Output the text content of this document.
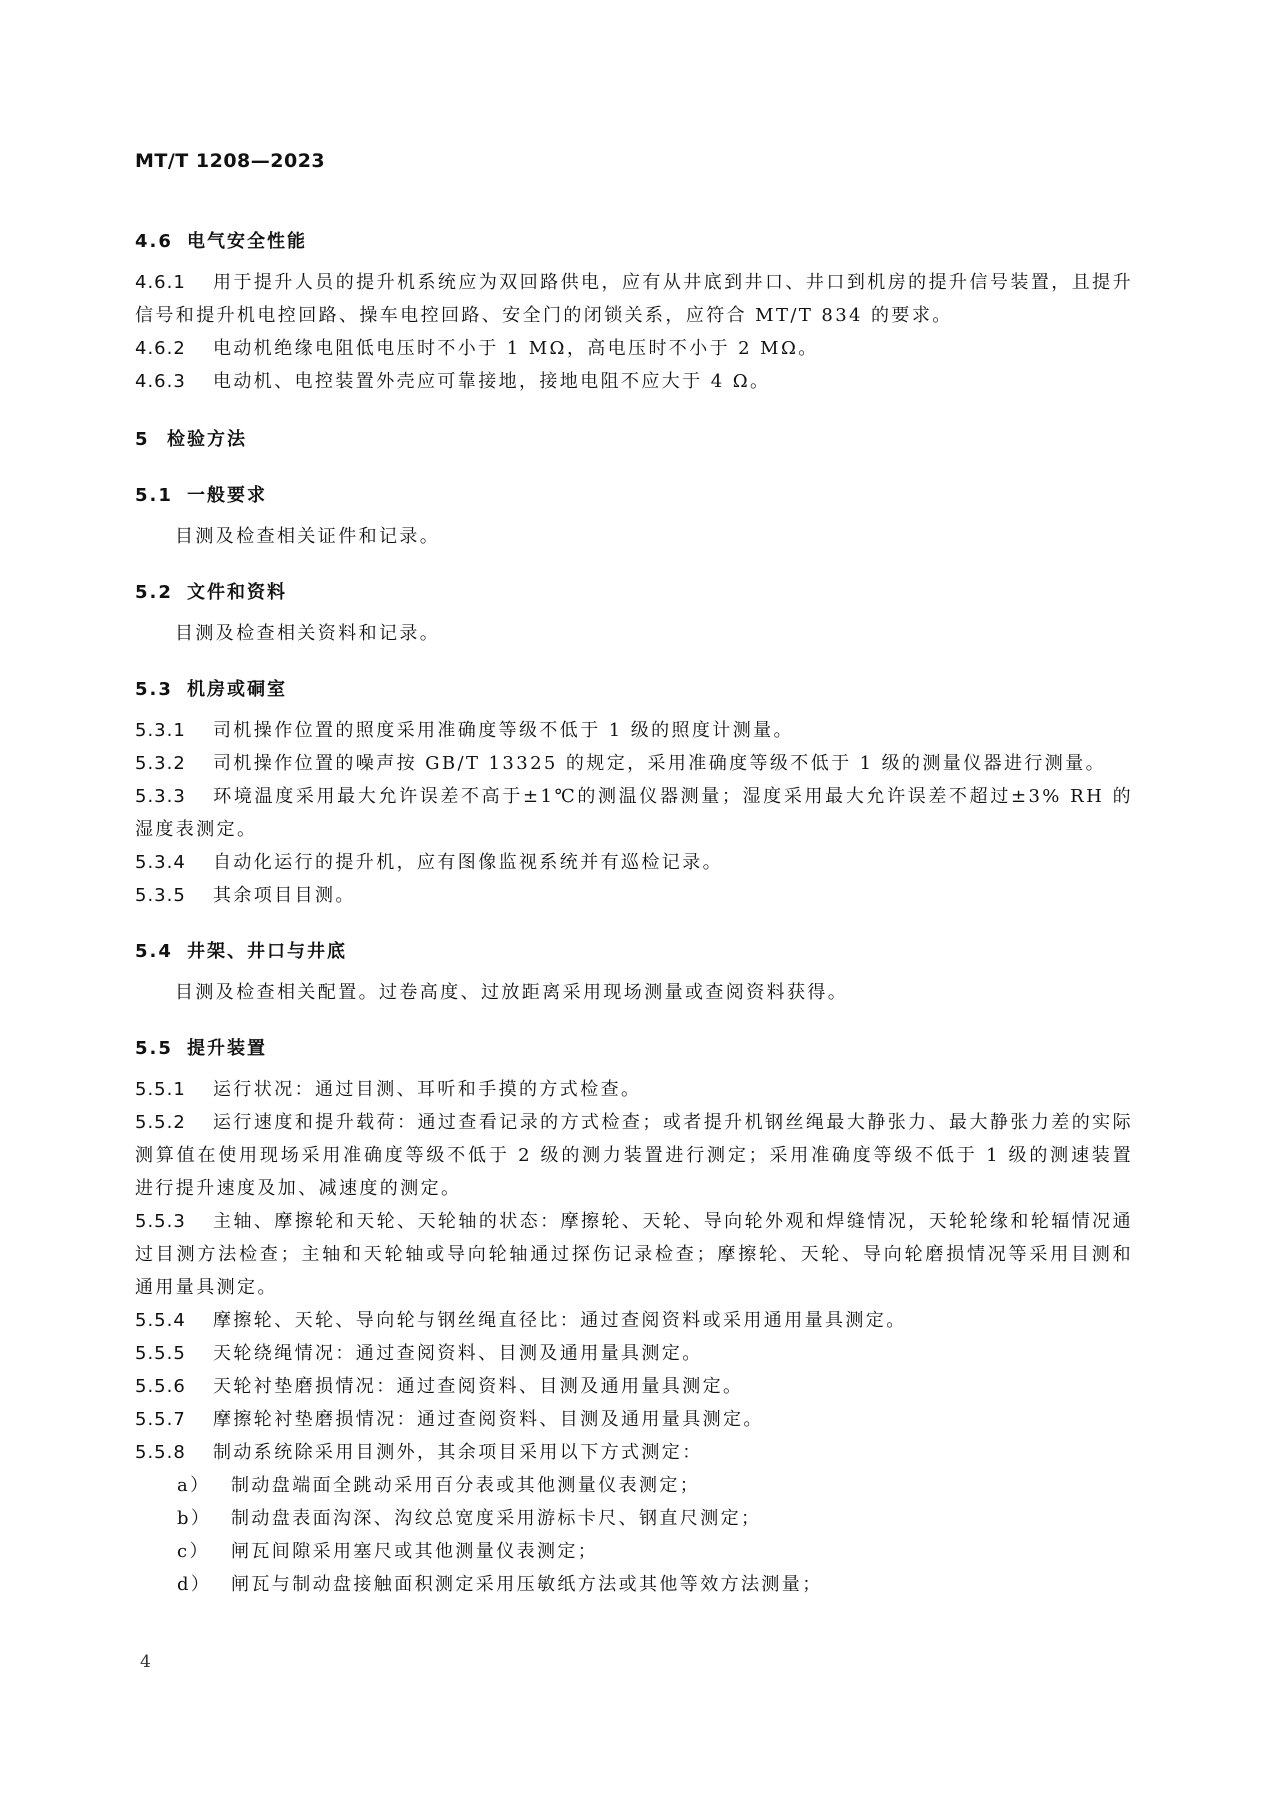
MT/T 1208—2023
4.6 电气安全性能
4.6.1 用于提升人员的提升机系统应为双回路供电，应有从井底到井口、井口到机房的提升信号装置，且提升信号和提升机电控回路、操车电控回路、安全门的闭锁关系，应符合 MT/T 834 的要求。
4.6.2 电动机绝缘电阻低电压时不小于 1 MΩ，高电压时不小于 2 MΩ。
4.6.3 电动机、电控装置外壳应可靠接地，接地电阻不应大于 4 Ω。
5 检验方法
5.1 一般要求
目测及检查相关证件和记录。
5.2 文件和资料
目测及检查相关资料和记录。
5.3 机房或硐室
5.3.1 司机操作位置的照度采用准确度等级不低于 1 级的照度计测量。
5.3.2 司机操作位置的噪声按 GB/T 13325 的规定，采用准确度等级不低于 1 级的测量仪器进行测量。
5.3.3 环境温度采用最大允许误差不高于±1℃的测温仪器测量；湿度采用最大允许误差不超过±3% RH 的湿度表测定。
5.3.4 自动化运行的提升机，应有图像监视系统并有巡检记录。
5.3.5 其余项目目测。
5.4 井架、井口与井底
目测及检查相关配置。过卷高度、过放距离采用现场测量或查阅资料获得。
5.5 提升装置
5.5.1 运行状况：通过目测、耳听和手摸的方式检查。
5.5.2 运行速度和提升载荷：通过查看记录的方式检查；或者提升机钢丝绳最大静张力、最大静张力差的实际测算值在使用现场采用准确度等级不低于 2 级的测力装置进行测定；采用准确度等级不低于 1 级的测速装置进行提升速度及加、减速度的测定。
5.5.3 主轴、摩擦轮和天轮、天轮轴的状态：摩擦轮、天轮、导向轮外观和焊缝情况，天轮轮缘和轮辐情况通过目测方法检查；主轴和天轮轴或导向轮轴通过探伤记录检查；摩擦轮、天轮、导向轮磨损情况等采用目测和通用量具测定。
5.5.4 摩擦轮、天轮、导向轮与钢丝绳直径比：通过查阅资料或采用通用量具测定。
5.5.5 天轮绕绳情况：通过查阅资料、目测及通用量具测定。
5.5.6 天轮衬垫磨损情况：通过查阅资料、目测及通用量具测定。
5.5.7 摩擦轮衬垫磨损情况：通过查阅资料、目测及通用量具测定。
5.5.8 制动系统除采用目测外，其余项目采用以下方式测定：
a） 制动盘端面全跳动采用百分表或其他测量仪表测定；
b） 制动盘表面沟深、沟纹总宽度采用游标卡尺、钢直尺测定；
c） 闸瓦间隙采用塞尺或其他测量仪表测定；
d） 闸瓦与制动盘接触面积测定采用压敏纸方法或其他等效方法测量；
4
